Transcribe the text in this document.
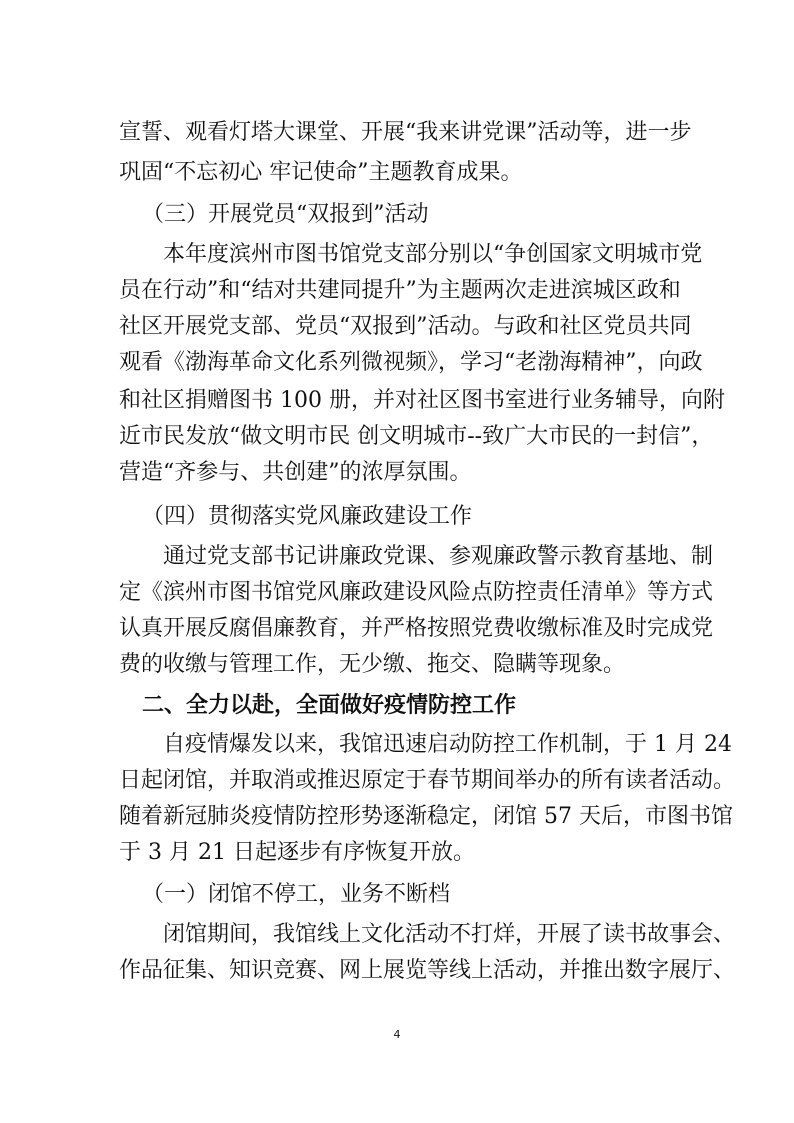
宣誓、观看灯塔大课堂、开展“我来讲党课”活动等，进一步
巩固“不忘初心 牢记使命”主题教育成果。
（三）开展党员“双报到”活动
本年度滨州市图书馆党支部分别以“争创国家文明城市党
员在行动”和“结对共建同提升”为主题两次走进滨城区政和
社区开展党支部、党员“双报到”活动。与政和社区党员共同
观看《渤海革命文化系列微视频》，学习“老渤海精神”，向政
和社区捐赠图书 100 册，并对社区图书室进行业务辅导，向附
近市民发放“做文明市民 创文明城市--致广大市民的一封信”，
营造“齐参与、共创建”的浓厚氛围。
（四）贯彻落实党风廉政建设工作
通过党支部书记讲廉政党课、参观廉政警示教育基地、制
定《滨州市图书馆党风廉政建设风险点防控责任清单》等方式
认真开展反腐倡廉教育，并严格按照党费收缴标准及时完成党
费的收缴与管理工作，无少缴、拖交、隐瞒等现象。
二、全力以赴，全面做好疫情防控工作
自疫情爆发以来，我馆迅速启动防控工作机制，于 1 月 24
日起闭馆，并取消或推迟原定于春节期间举办的所有读者活动。
随着新冠肺炎疫情防控形势逐渐稳定，闭馆 57 天后，市图书馆
于 3 月 21 日起逐步有序恢复开放。
（一）闭馆不停工，业务不断档
闭馆期间，我馆线上文化活动不打烊，开展了读书故事会、
作品征集、知识竞赛、网上展览等线上活动，并推出数字展厅、
4
